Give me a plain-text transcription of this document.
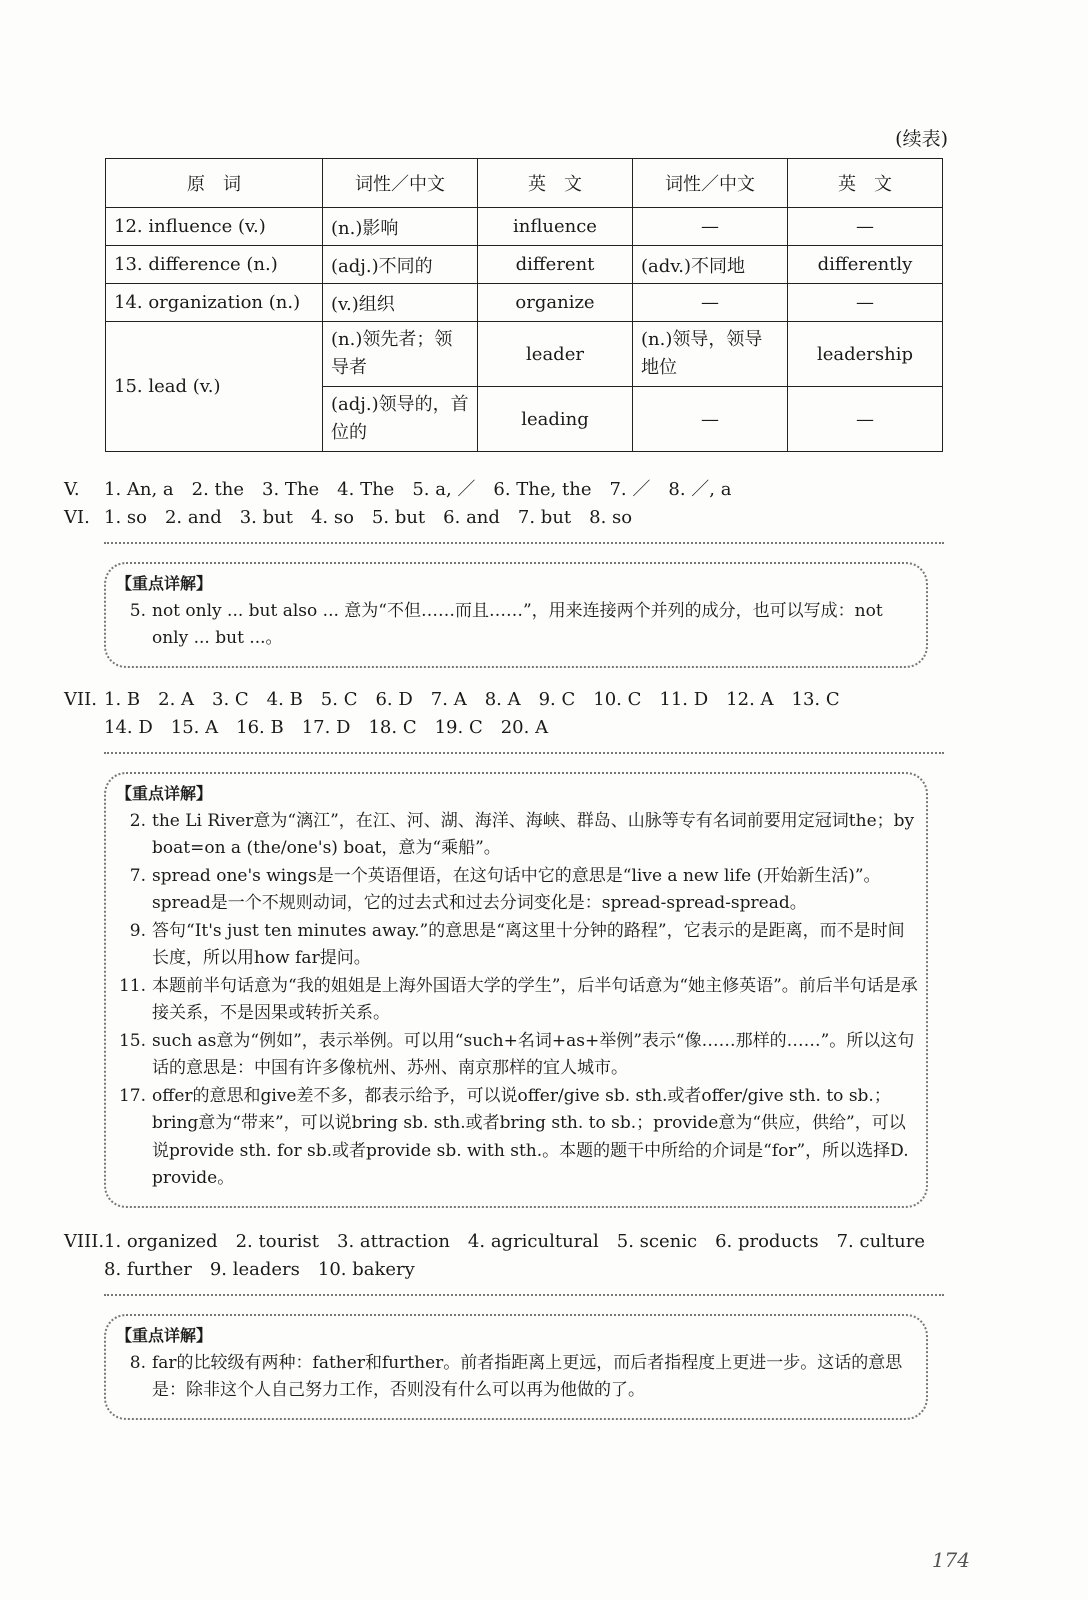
(续表)
原　词	词性／中文	英　文	词性／中文	英　文
12. influence (v.)	(n.)影响	influence	—	—
13. difference (n.)	(adj.)不同的	different	(adv.)不同地	differently
14. organization (n.)	(v.)组织	organize	—	—
15. lead (v.)	(n.)领先者；领导者	leader	(n.)领导，领导地位	leadership
	(adj.)领导的，首位的	leading	—	—
V. 1. An, a　2. the　3. The　4. The　5. a, ／　6. The, the　7. ／　8. ／, a
VI. 1. so　2. and　3. but　4. so　5. but　6. and　7. but　8. so
【重点详解】
5. not only ... but also ... 意为“不但……而且……”，用来连接两个并列的成分，也可以写成：not only ... but ...。
VII. 1. B　2. A　3. C　4. B　5. C　6. D　7. A　8. A　9. C　10. C　11. D　12. A　13. C
14. D　15. A　16. B　17. D　18. C　19. C　20. A
【重点详解】
2. the Li River意为“漓江”，在江、河、湖、海洋、海峡、群岛、山脉等专有名词前要用定冠词the；by boat=on a (the/one's) boat，意为“乘船”。
7. spread one's wings是一个英语俚语，在这句话中它的意思是“live a new life (开始新生活)”。spread是一个不规则动词，它的过去式和过去分词变化是：spread-spread-spread。
9. 答句“It's just ten minutes away.”的意思是“离这里十分钟的路程”，它表示的是距离，而不是时间长度，所以用how far提问。
11. 本题前半句话意为“我的姐姐是上海外国语大学的学生”，后半句话意为“她主修英语”。前后半句话是承接关系，不是因果或转折关系。
15. such as意为“例如”，表示举例。可以用“such+名词+as+举例”表示“像……那样的……”。所以这句话的意思是：中国有许多像杭州、苏州、南京那样的宜人城市。
17. offer的意思和give差不多，都表示给予，可以说offer/give sb. sth.或者offer/give sth. to sb.；bring意为“带来”，可以说bring sb. sth.或者bring sth. to sb.；provide意为“供应，供给”，可以说provide sth. for sb.或者provide sb. with sth.。本题的题干中所给的介词是“for”，所以选择D. provide。
VIII.1. organized　2. tourist　3. attraction　4. agricultural　5. scenic　6. products　7. culture
8. further　9. leaders　10. bakery
【重点详解】
8. far的比较级有两种：father和further。前者指距离上更远，而后者指程度上更进一步。这话的意思是：除非这个人自己努力工作，否则没有什么可以再为他做的了。
174
